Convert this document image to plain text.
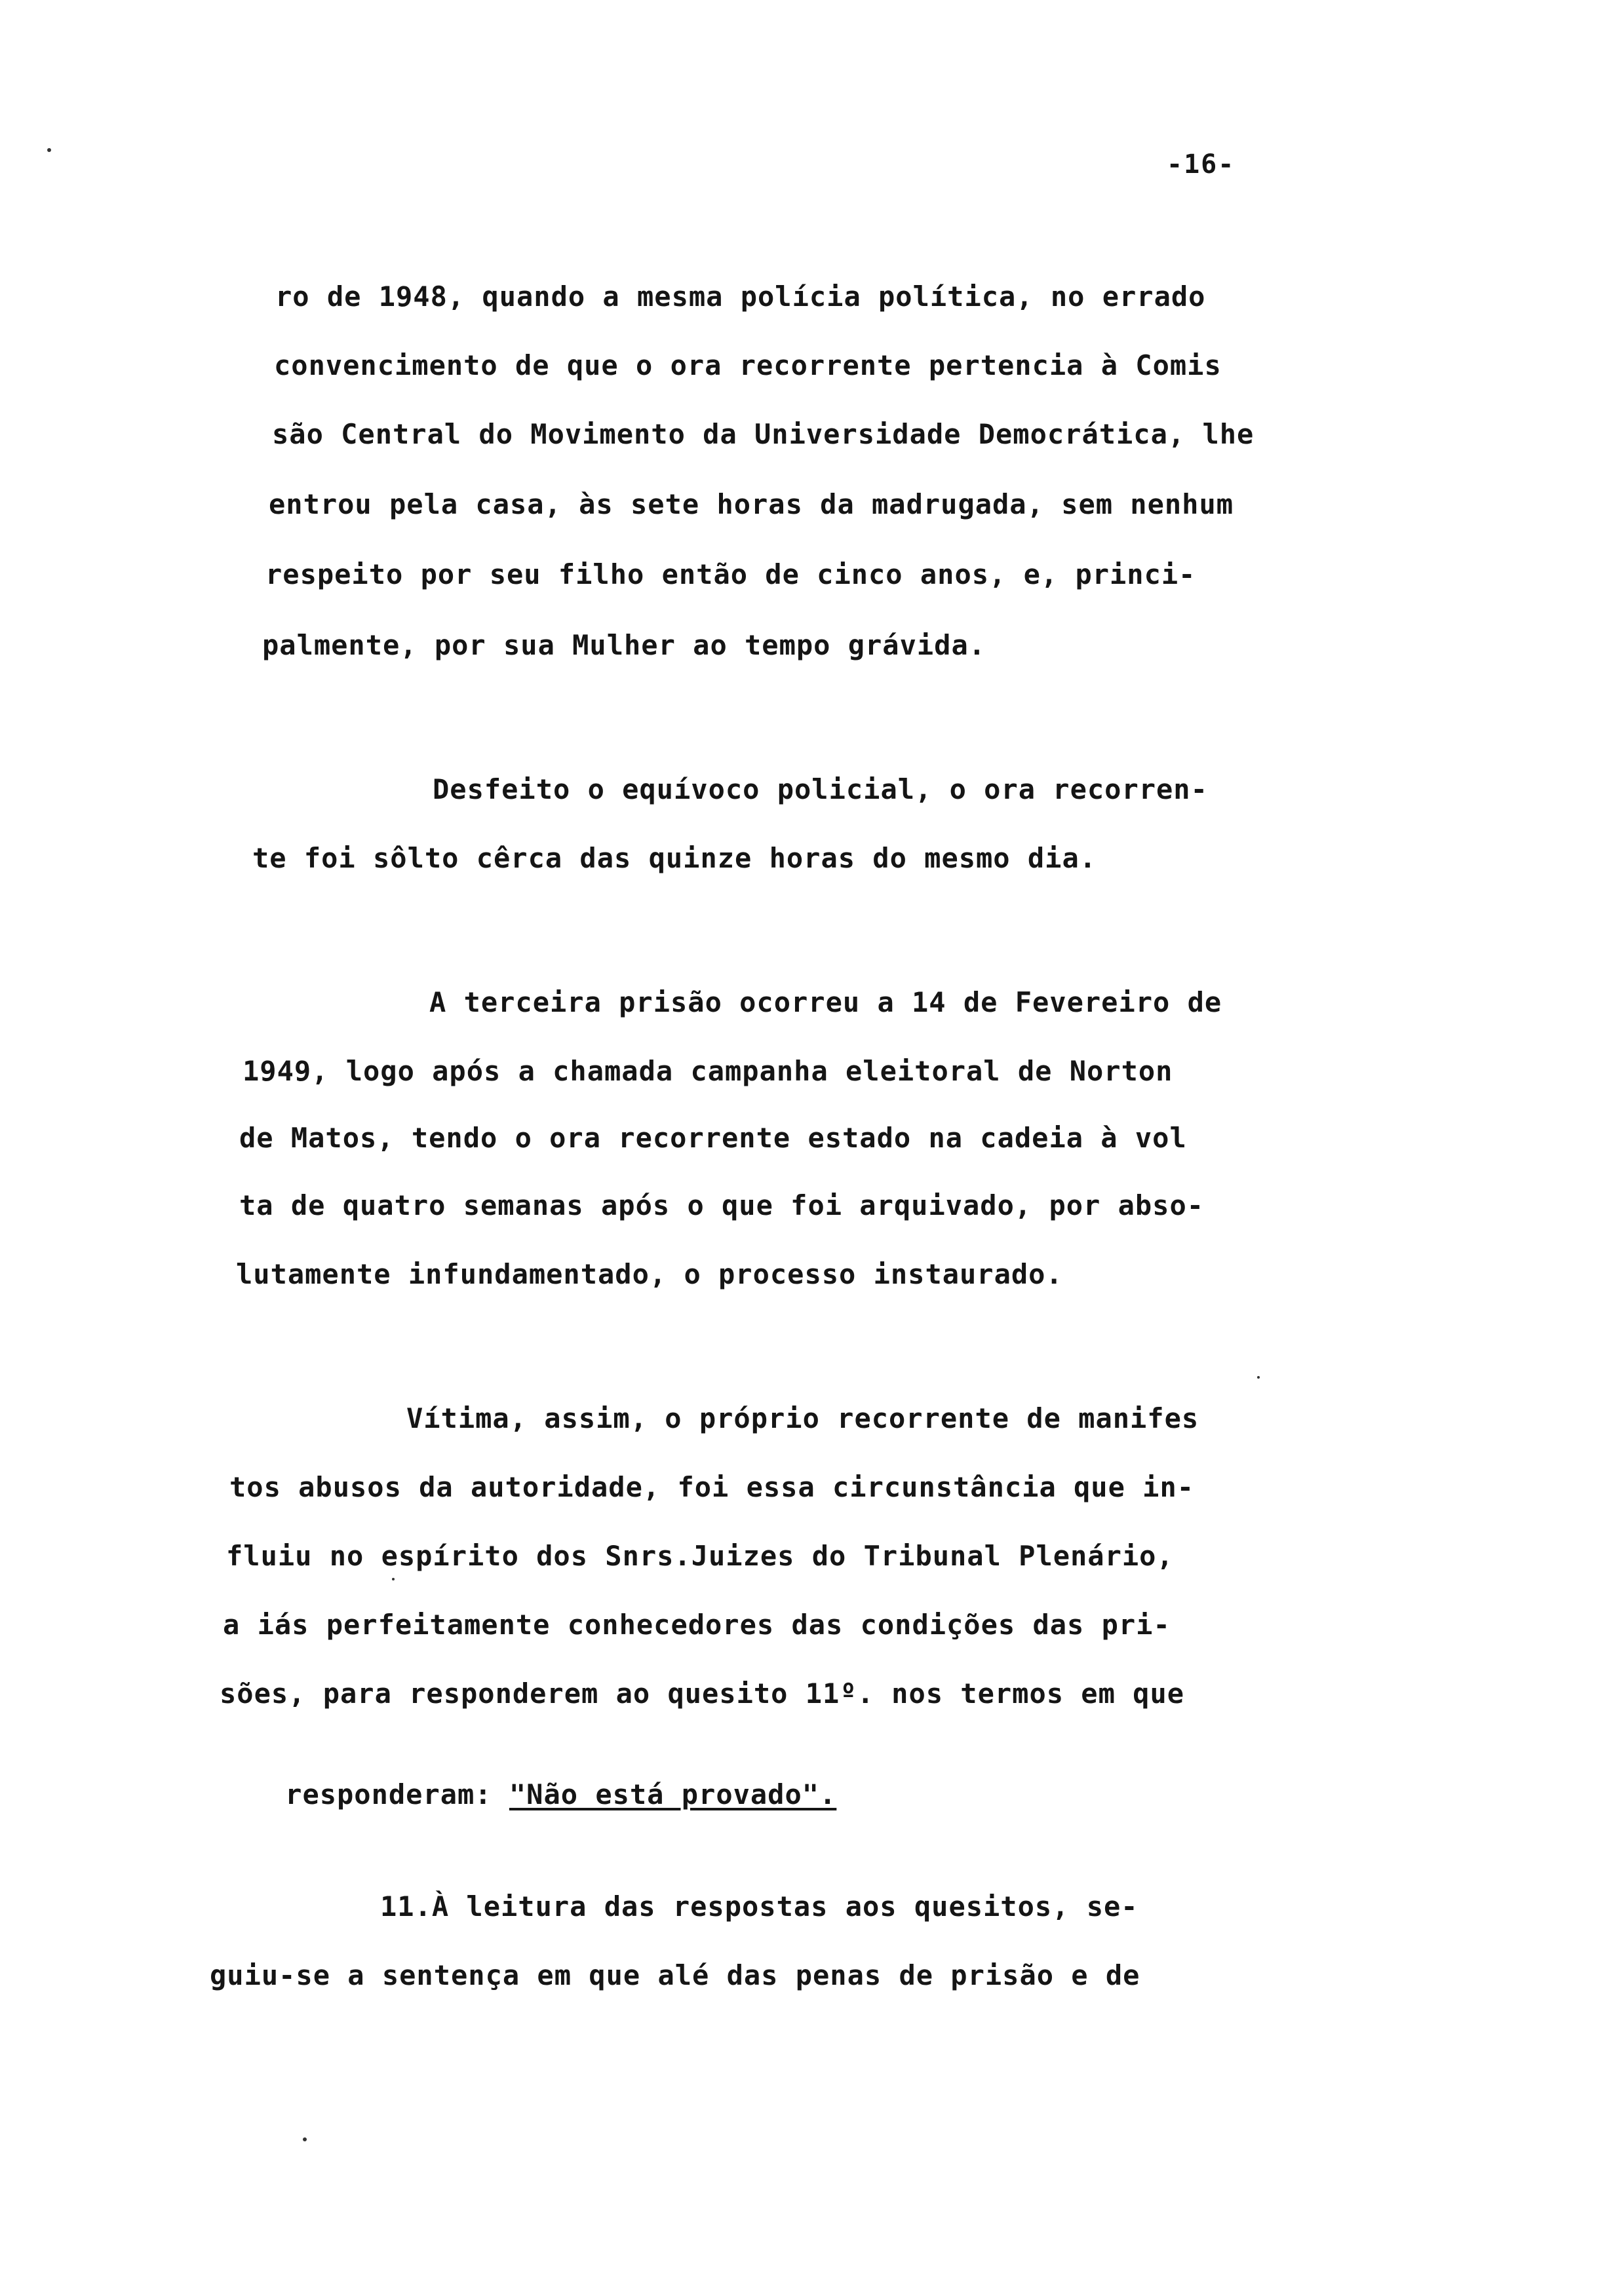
-16-
ro de 1948, quando a mesma polícia política, no errado
convencimento de que o ora recorrente pertencia à Comis
são Central do Movimento da Universidade Democrática, lhe
entrou pela casa, às sete horas da madrugada, sem nenhum
respeito por seu filho então de cinco anos, e, princi-
palmente, por sua Mulher ao tempo grávida.
Desfeito o equívoco policial, o ora recorren-
te foi sôlto cêrca das quinze horas do mesmo dia.
A terceira prisão ocorreu a 14 de Fevereiro de
1949, logo após a chamada campanha eleitoral de Norton
de Matos, tendo o ora recorrente estado na cadeia à vol
ta de quatro semanas após o que foi arquivado, por abso-
lutamente infundamentado, o processo instaurado.
Vítima, assim, o próprio recorrente de manifes
tos abusos da autoridade, foi essa circunstância que in-
fluiu no espírito dos Snrs.Juizes do Tribunal Plenário,
a iás perfeitamente conhecedores das condições das pri-
sões, para responderem ao quesito 11º. nos termos em que

responderam: "Não está provado".

11.À leitura das respostas aos quesitos, se-
guiu-se a sentença em que alé das penas de prisão e de
